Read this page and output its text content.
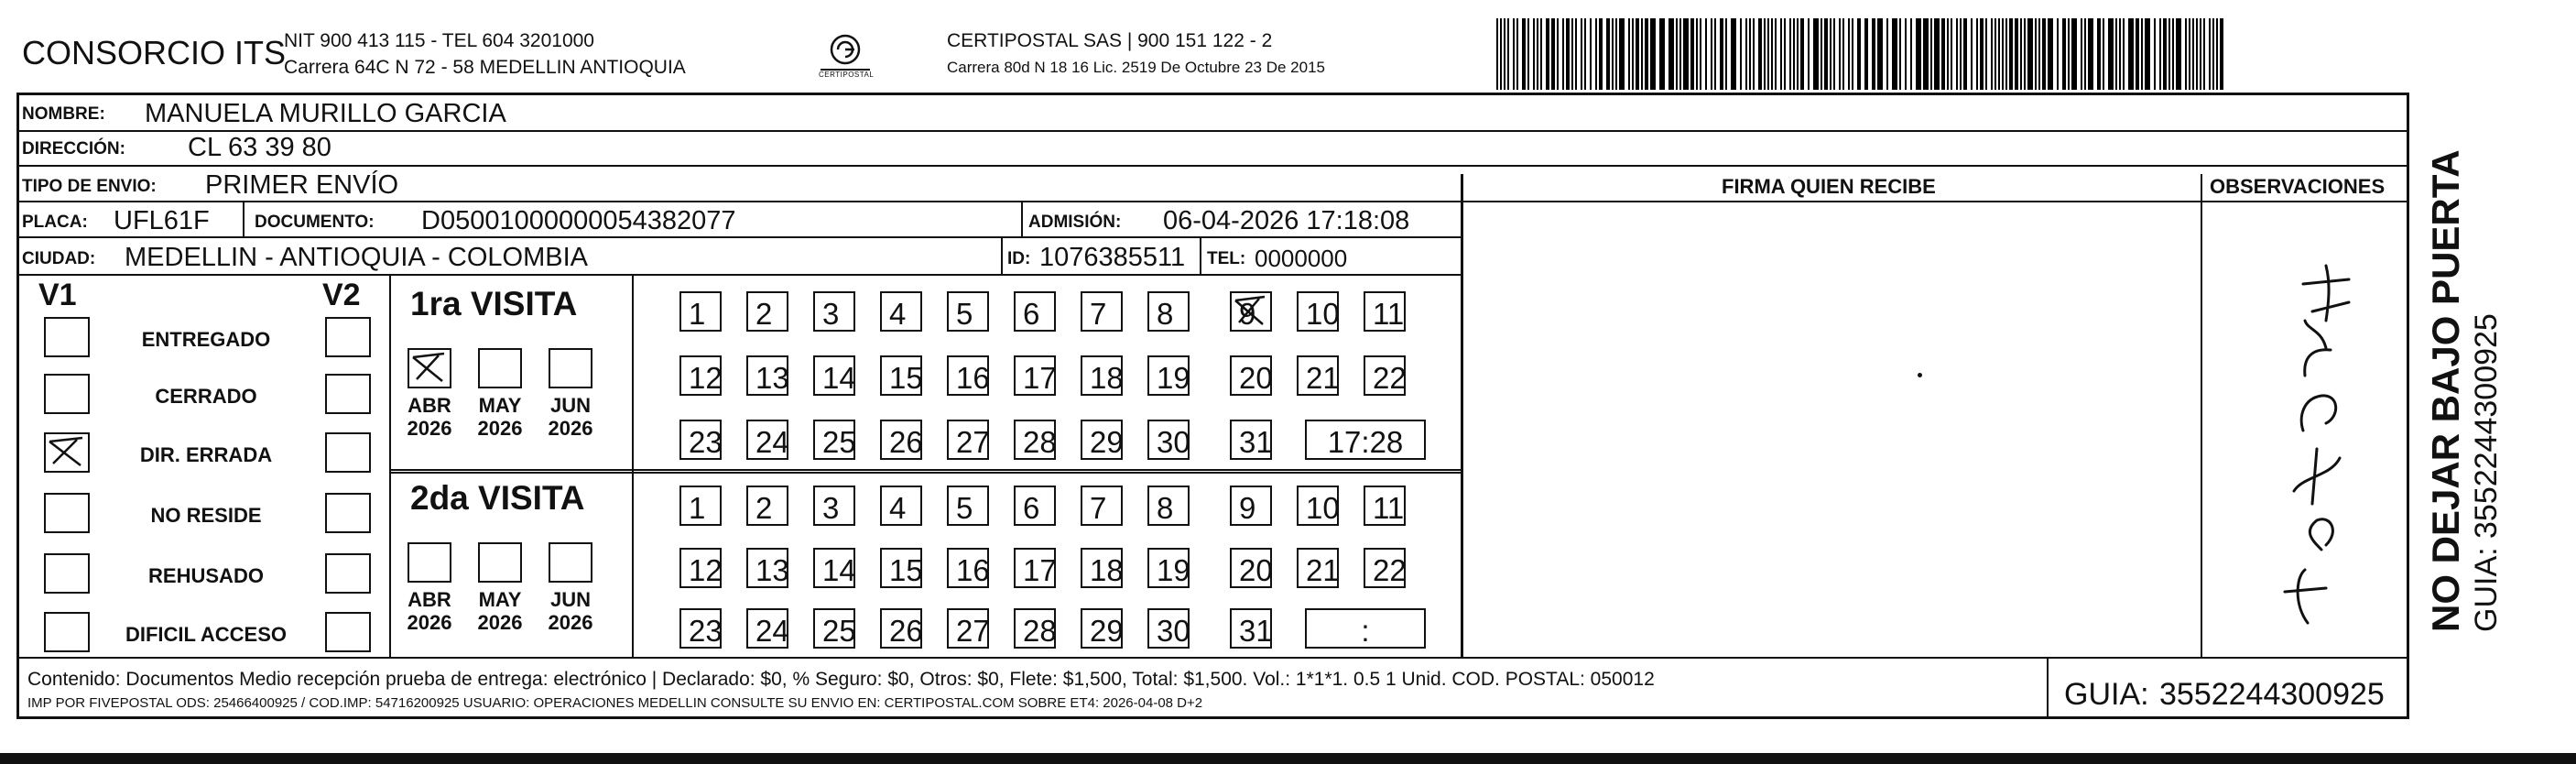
CONSORCIO ITS
NIT 900 413 115 - TEL 604 3201000
Carrera 64C N 72 - 58 MEDELLIN ANTIOQUIA	CERTIPOSTAL
CERTIPOSTAL SAS | 900 151 122 - 2
Carrera 80d N 18 16 Lic. 2519 De Octubre 23 De 2015
NOMBRE: MANUELA MURILLO GARCIA
DIRECCIÓN: CL 63 39 80
TIPO DE ENVIO: PRIMER ENVÍO
PLACA: UFL61F	DOCUMENTO: D05001000000054382077	ADMISIÓN: 06-04-2026 17:18:08
CIUDAD: MEDELLIN - ANTIOQUIA - COLOMBIA	ID: 1076385511 TEL: 0000000
FIRMA QUIEN RECIBE	OBSERVACIONES
V1	V2
ENTREGADO
CERRADO
DIR. ERRADA
NO RESIDE
REHUSADO
DIFICIL ACCESO
1ra VISITA
2da VISITA
ABR
2026
MAY
2026
JUN
2026
ABR
2026
MAY
2026
JUN
2026
1	2	3	4	5	6	7	8	9	10	11
12	13	14	15	16	17	18	19	20	21	22
23	24	25	26	27	28	29	30	31	17:28
1	2	3	4	5	6	7	8	9	10	11
12	13	14	15	16	17	18	19	20	21	22
23	24	25	26	27	28	29	30	31	:
Contenido: Documentos Medio recepción prueba de entrega: electrónico | Declarado: $0, % Seguro: $0, Otros: $0, Flete: $1,500, Total: $1,500. Vol.: 1*1*1. 0.5 1 Unid. COD. POSTAL: 050012
IMP POR FIVEPOSTAL ODS: 25466400925 / COD.IMP: 54716200925 USUARIO: OPERACIONES MEDELLIN CONSULTE SU ENVIO EN: CERTIPOSTAL.COM SOBRE ET4: 2026-04-08 D+2	GUIA: 3552244300925
NO DEJAR BAJO PUERTA GUIA: 3552244300925
